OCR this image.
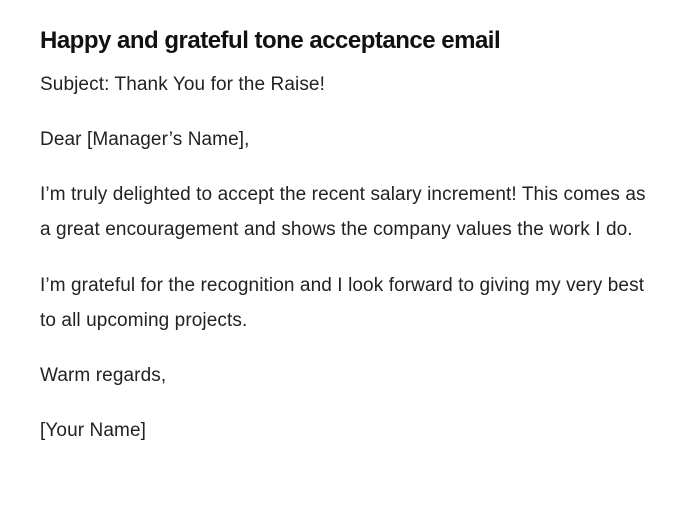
Happy and grateful tone acceptance email

Subject: Thank You for the Raise!

Dear [Manager’s Name],

I’m truly delighted to accept the recent salary increment! This comes as a great encouragement and shows the company values the work I do.

I’m grateful for the recognition and I look forward to giving my very best to all upcoming projects.

Warm regards,

[Your Name]
